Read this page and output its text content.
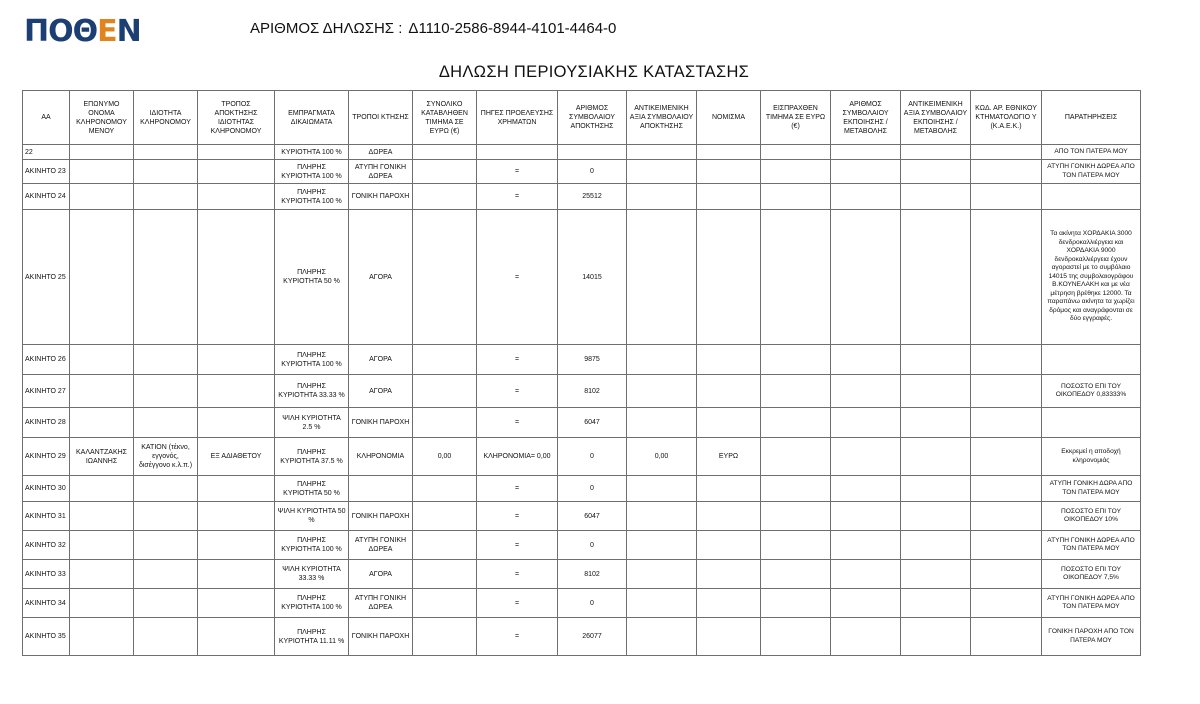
ΠΟΘΕΝ	ΑΡΙΘΜΟΣ ΔΗΛΩΣΗΣ : Δ1110-2586-8944-4101-4464-0
ΔΗΛΩΣΗ ΠΕΡΙΟΥΣΙΑΚΗΣ ΚΑΤΑΣΤΑΣΗΣ
ΑΑ	ΕΠΩΝΥΜΟ ΟΝΟΜΑ ΚΛΗΡΟΝΟΜΟΥ ΜΕΝΟΥ	ΙΔΙΟΤΗΤΑ ΚΛΗΡΟΝΟΜΟΥ	ΤΡΟΠΟΣ ΑΠΟΚΤΗΣΗΣ ΙΔΙΟΤΗΤΑΣ ΚΛΗΡΟΝΟΜΟΥ	ΕΜΠΡΑΓΜΑΤΑ ΔΙΚΑΙΩΜΑΤΑ	ΤΡΟΠΟΙ ΚΤΗΣΗΣ	ΣΥΝΟΛΙΚΟ ΚΑΤΑΒΛΗΘΕΝ ΤΙΜΗΜΑ ΣΕ ΕΥΡΩ (€)	ΠΗΓΕΣ ΠΡΟΕΛΕΥΣΗΣ ΧΡΗΜΑΤΩΝ	ΑΡΙΘΜΟΣ ΣΥΜΒΟΛΑΙΟΥ ΑΠΟΚΤΗΣΗΣ	ΑΝΤΙΚΕΙΜΕΝΙΚΗ ΑΞΙΑ ΣΥΜΒΟΛΑΙΟΥ ΑΠΟΚΤΗΣΗΣ	ΝΟΜΙΣΜΑ	ΕΙΣΠΡΑΧΘΕΝ ΤΙΜΗΜΑ ΣΕ ΕΥΡΩ (€)	ΑΡΙΘΜΟΣ ΣΥΜΒΟΛΑΙΟΥ ΕΚΠΟΙΗΣΗΣ /ΜΕΤΑΒΟΛΗΣ	ΑΝΤΙΚΕΙΜΕΝΙΚΗ ΑΞΙΑ ΣΥΜΒΟΛΑΙΟΥ ΕΚΠΟΙΗΣΗΣ / ΜΕΤΑΒΟΛΗΣ	ΚΩΔ. ΑΡ. ΕΘΝΙΚΟΥ ΚΤΗΜΑΤΟΛΟΓΙΟ Υ (Κ.Α.Ε.Κ.)	ΠΑΡΑΤΗΡΗΣΕΙΣ
22				ΚΥΡΙΟΤΗΤΑ 100 %	ΔΩΡΕΑ										ΑΠΟ ΤΟΝ ΠΑΤΕΡΑ ΜΟΥ
ΑΚΙΝΗΤΟ 23				ΠΛΗΡΗΣ ΚΥΡΙΟΤΗΤΑ 100 %	ΑΤΥΠΗ ΓΟΝΙΚΗ ΔΩΡΕΑ		=	0							ΑΤΥΠΗ ΓΟΝΙΚΗ ΔΩΡΕΑ ΑΠΟ ΤΟΝ ΠΑΤΕΡΑ ΜΟΥ
ΑΚΙΝΗΤΟ 24				ΠΛΗΡΗΣ ΚΥΡΙΟΤΗΤΑ 100 %	ΓΟΝΙΚΗ ΠΑΡΟΧΗ		=	25512							
ΑΚΙΝΗΤΟ 25				ΠΛΗΡΗΣ ΚΥΡΙΟΤΗΤΑ 50 %	ΑΓΟΡΑ		=	14015							Τα ακίνητα ΧΟΡΔΑΚΙΑ 3000 δενδροκαλλιέργεια και ΧΟΡΔΑΚΙΑ 9000 δενδροκαλλιέργεια έχουν αγοραστεί με το συμβόλαιο 14015 της συμβολαιογράφου Β.ΚΟΥΝΕΛΑΚΗ και με νέα μέτρηση βρέθηκε 12000. Τα παραπάνω ακίνητα τα χωρίζει δρόμος και αναγράφονται σε δύο εγγραφές.
ΑΚΙΝΗΤΟ 26				ΠΛΗΡΗΣ ΚΥΡΙΟΤΗΤΑ 100 %	ΑΓΟΡΑ		=	9875							
ΑΚΙΝΗΤΟ 27				ΠΛΗΡΗΣ ΚΥΡΙΟΤΗΤΑ 33.33 %	ΑΓΟΡΑ		=	8102							ΠΟΣΟΣΤΟ ΕΠΙ ΤΟΥ ΟΙΚΟΠΕΔΟΥ 0,83333%
ΑΚΙΝΗΤΟ 28				ΨΙΛΗ ΚΥΡΙΟΤΗΤΑ 2.5 %	ΓΟΝΙΚΗ ΠΑΡΟΧΗ		=	6047							
ΑΚΙΝΗΤΟ 29	ΚΑΛΑΝΤΖΑΚΗΣ ΙΩΑΝΝΗΣ	ΚΑΤΙΟΝ (τέκνο, εγγονός, δισέγγονο κ.λ.π.)	ΕΞ ΑΔΙΑΘΕΤΟΥ	ΠΛΗΡΗΣ ΚΥΡΙΟΤΗΤΑ 37.5 %	ΚΛΗΡΟΝΟΜΙΑ	0,00	ΚΛΗΡΟΝΟΜΙΑ= 0,00	0	0,00	ΕΥΡΩ					Εκκρεμεί η αποδοχή κληρονομιάς
ΑΚΙΝΗΤΟ 30				ΠΛΗΡΗΣ ΚΥΡΙΟΤΗΤΑ 50 %			=	0							ΑΤΥΠΗ ΓΟΝΙΚΗ ΔΩΡΑ ΑΠΟ ΤΟΝ ΠΑΤΕΡΑ ΜΟΥ
ΑΚΙΝΗΤΟ 31				ΨΙΛΗ ΚΥΡΙΟΤΗΤΑ 50 %	ΓΟΝΙΚΗ ΠΑΡΟΧΗ		=	6047							ΠΟΣΟΣΤΟ ΕΠΙ ΤΟΥ ΟΙΚΟΠΕΔΟΥ 10%
ΑΚΙΝΗΤΟ 32				ΠΛΗΡΗΣ ΚΥΡΙΟΤΗΤΑ 100 %	ΑΤΥΠΗ ΓΟΝΙΚΗ ΔΩΡΕΑ		=	0							ΑΤΥΠΗ ΓΟΝΙΚΗ ΔΩΡΕΑ ΑΠΟ ΤΟΝ ΠΑΤΕΡΑ ΜΟΥ
ΑΚΙΝΗΤΟ 33				ΨΙΛΗ ΚΥΡΙΟΤΗΤΑ 33.33 %	ΑΓΟΡΑ		=	8102							ΠΟΣΟΣΤΟ ΕΠΙ ΤΟΥ ΟΙΚΟΠΕΔΟΥ 7,5%
ΑΚΙΝΗΤΟ 34				ΠΛΗΡΗΣ ΚΥΡΙΟΤΗΤΑ 100 %	ΑΤΥΠΗ ΓΟΝΙΚΗ ΔΩΡΕΑ		=	0							ΑΤΥΠΗ ΓΟΝΙΚΗ ΔΩΡΕΑ ΑΠΟ ΤΟΝ ΠΑΤΕΡΑ ΜΟΥ
ΑΚΙΝΗΤΟ 35				ΠΛΗΡΗΣ ΚΥΡΙΟΤΗΤΑ 11.11 %	ΓΟΝΙΚΗ ΠΑΡΟΧΗ		=	26077							ΓΟΝΙΚΗ ΠΑΡΟΧΗ ΑΠΟ ΤΟΝ ΠΑΤΕΡΑ ΜΟΥ
